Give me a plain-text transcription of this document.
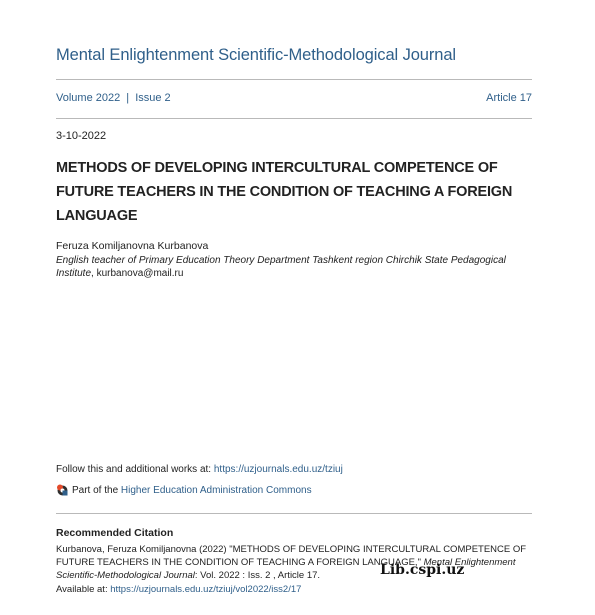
Mental Enlightenment Scientific-Methodological Journal
Volume 2022 | Issue 2	Article 17
3-10-2022
METHODS OF DEVELOPING INTERCULTURAL COMPETENCE OF FUTURE TEACHERS IN THE CONDITION OF TEACHING A FOREIGN LANGUAGE
Feruza Komiljanovna Kurbanova
English teacher of Primary Education Theory Department Tashkent region Chirchik State Pedagogical Institute, kurbanova@mail.ru
Follow this and additional works at: https://uzjournals.edu.uz/tziuj
Part of the
Higher Education Administration Commons
Recommended Citation
Kurbanova, Feruza Komiljanovna (2022) "METHODS OF DEVELOPING INTERCULTURAL COMPETENCE OF FUTURE TEACHERS IN THE CONDITION OF TEACHING A FOREIGN LANGUAGE," Mental Enlightenment Scientific-Methodological Journal: Vol. 2022 : Iss. 2 , Article 17.
Available at: https://uzjournals.edu.uz/tziuj/vol2022/iss2/17
Lib.cspi.uz
